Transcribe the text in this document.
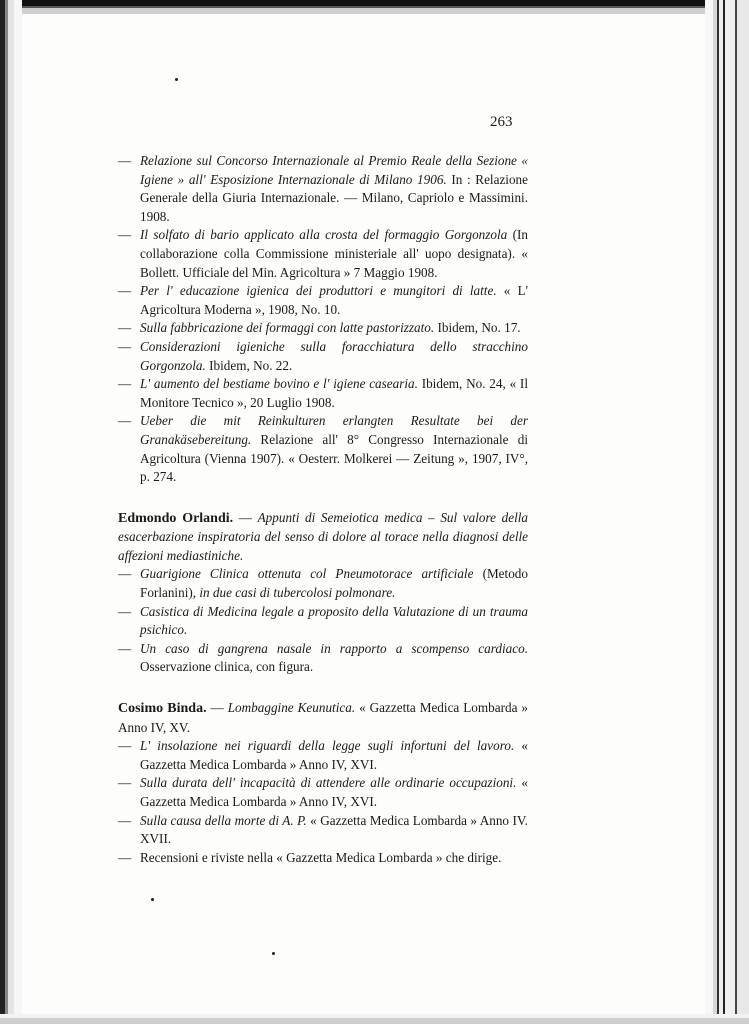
263
— Relazione sul Concorso Internazionale al Premio Reale della Sezione « Igiene » all' Esposizione Internazionale di Milano 1906. In : Relazione Generale della Giuria Internazionale. — Milano, Capriolo e Massimini. 1908.
— Il solfato di bario applicato alla crosta del formaggio Gorgonzola (In collaborazione colla Commissione ministeriale all' uopo designata). « Bollett. Ufficiale del Min. Agricoltura » 7 Maggio 1908.
— Per l' educazione igienica dei produttori e mungitori di latte. « L' Agricoltura Moderna », 1908, No. 10.
— Sulla fabbricazione dei formaggi con latte pastorizzato. Ibidem, No. 17.
— Considerazioni igieniche sulla foracchiatura dello stracchino Gorgonzola. Ibidem, No. 22.
— L' aumento del bestiame bovino e l' igiene casearia. Ibidem, No. 24, « Il Monitore Tecnico », 20 Luglio 1908.
— Ueber die mit Reinkulturen erlangten Resultate bei der Granakäsebereitung. Relazione all' 8° Congresso Internazionale di Agricoltura (Vienna 1907). « Oesterr. Molkerei — Zeitung », 1907, IV°, p. 274.
Edmondo Orlandi. — Appunti di Semeiotica medica – Sul valore della esacerbazione inspiratoria del senso di dolore al torace nella diagnosi delle affezioni mediastiniche.
— Guarigione Clinica ottenuta col Pneumotorace artificiale (Metodo Forlanini), in due casi di tubercolosi polmonare.
— Casistica di Medicina legale a proposito della Valutazione di un trauma psichico.
— Un caso di gangrena nasale in rapporto a scompenso cardiaco. Osservazione clinica, con figura.
Cosimo Binda. — Lombaggine Keunutica. « Gazzetta Medica Lombarda » Anno IV, XV.
— L' insolazione nei riguardi della legge sugli infortuni del lavoro. « Gazzetta Medica Lombarda » Anno IV, XVI.
— Sulla durata dell' incapacità di attendere alle ordinarie occupazioni. « Gazzetta Medica Lombarda » Anno IV, XVI.
— Sulla causa della morte di A. P. « Gazzetta Medica Lombarda » Anno IV. XVII.
— Recensioni e riviste nella « Gazzetta Medica Lombarda » che dirige.
